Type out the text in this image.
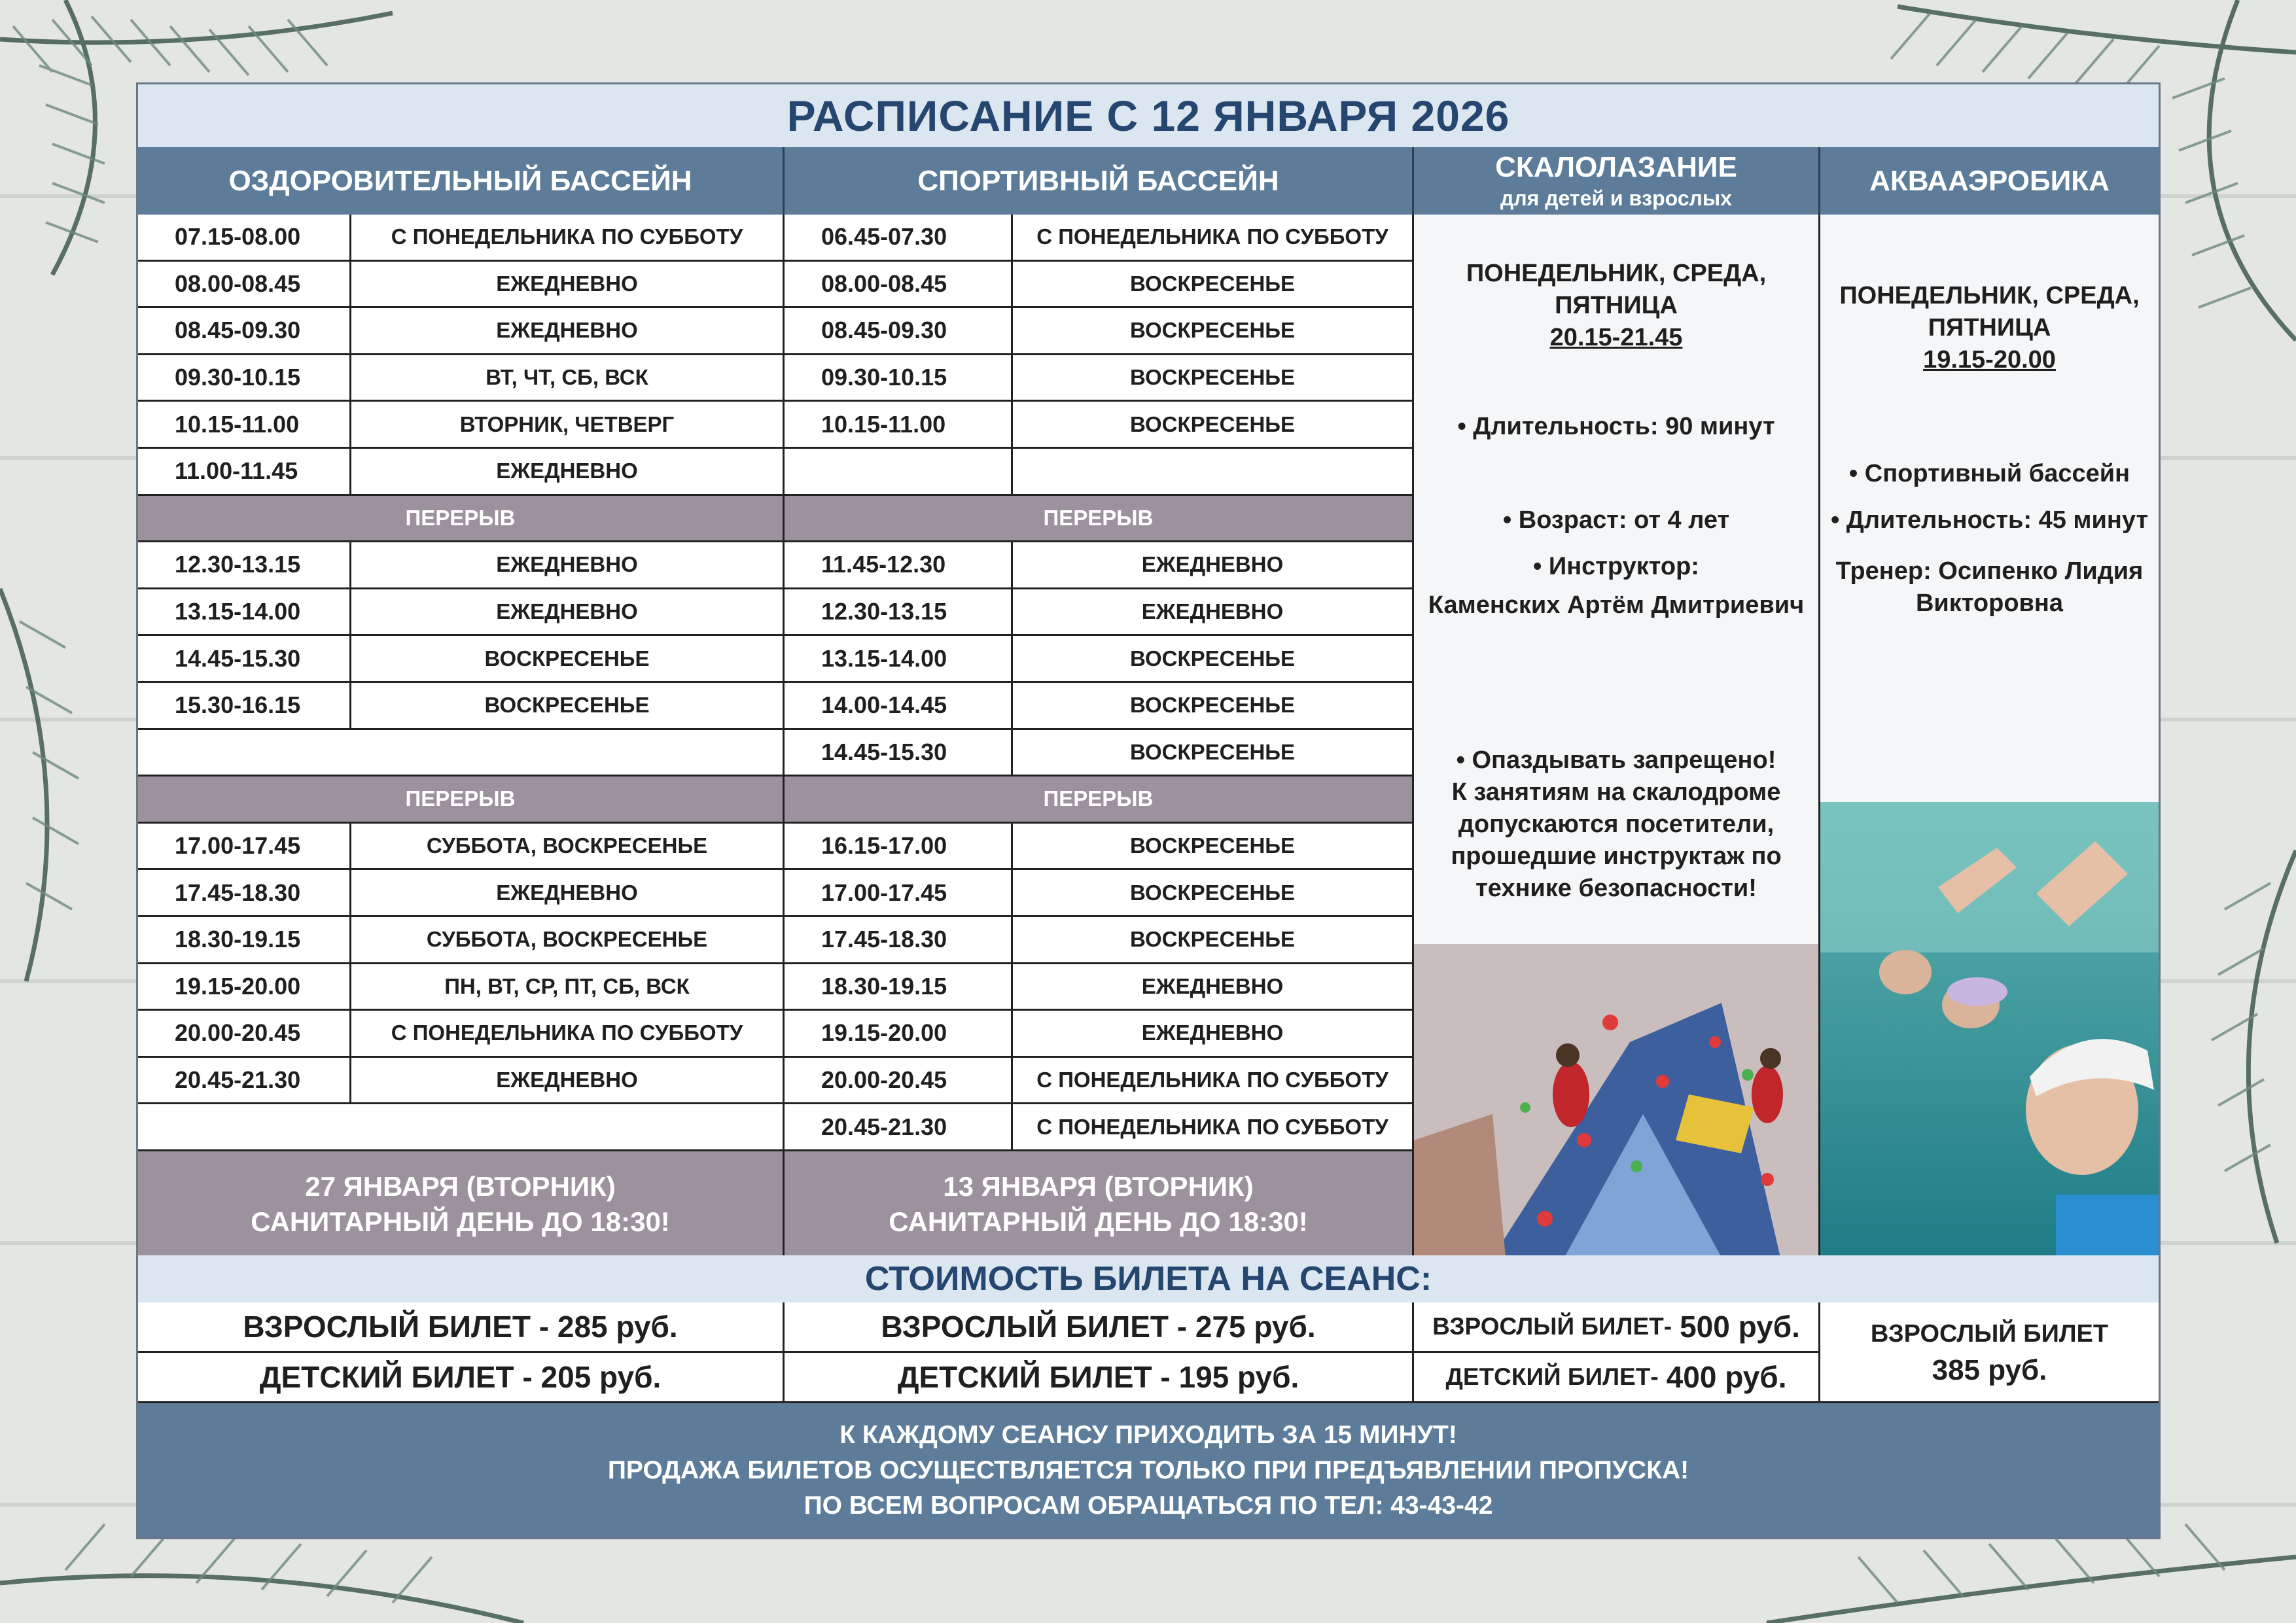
РАСПИСАНИЕ С 12 ЯНВАРЯ 2026
ОЗДОРОВИТЕЛЬНЫЙ БАССЕЙН	СПОРТИВНЫЙ БАССЕЙН	СКАЛОЛАЗАНИЕ
для детей и взрослых
АКВААЭРОБИКА
07.15-08.00	С ПОНЕДЕЛЬНИКА ПО СУББОТУ
08.00-08.45	ЕЖЕДНЕВНО
08.45-09.30	ЕЖЕДНЕВНО
09.30-10.15	ВТ, ЧТ, СБ, ВСК
10.15-11.00	ВТОРНИК, ЧЕТВЕРГ
11.00-11.45	ЕЖЕДНЕВНО
ПЕРЕРЫВ
12.30-13.15	ЕЖЕДНЕВНО
13.15-14.00	ЕЖЕДНЕВНО
14.45-15.30	ВОСКРЕСЕНЬЕ
15.30-16.15	ВОСКРЕСЕНЬЕ
ПЕРЕРЫВ
17.00-17.45	СУББОТА, ВОСКРЕСЕНЬЕ
17.45-18.30	ЕЖЕДНЕВНО
18.30-19.15	СУББОТА, ВОСКРЕСЕНЬЕ
19.15-20.00	ПН, ВТ, СР, ПТ, СБ, ВСК
20.00-20.45	С ПОНЕДЕЛЬНИКА ПО СУББОТУ
20.45-21.30	ЕЖЕДНЕВНО
06.45-07.30	С ПОНЕДЕЛЬНИКА ПО СУББОТУ
08.00-08.45	ВОСКРЕСЕНЬЕ
08.45-09.30	ВОСКРЕСЕНЬЕ
09.30-10.15	ВОСКРЕСЕНЬЕ
10.15-11.00	ВОСКРЕСЕНЬЕ
ПЕРЕРЫВ
11.45-12.30	ЕЖЕДНЕВНО
12.30-13.15	ЕЖЕДНЕВНО
13.15-14.00	ВОСКРЕСЕНЬЕ
14.00-14.45	ВОСКРЕСЕНЬЕ
14.45-15.30	ВОСКРЕСЕНЬЕ
ПЕРЕРЫВ
16.15-17.00	ВОСКРЕСЕНЬЕ
17.00-17.45	ВОСКРЕСЕНЬЕ
17.45-18.30	ВОСКРЕСЕНЬЕ
18.30-19.15	ЕЖЕДНЕВНО
19.15-20.00	ЕЖЕДНЕВНО
20.00-20.45	С ПОНЕДЕЛЬНИКА ПО СУББОТУ
20.45-21.30	С ПОНЕДЕЛЬНИКА ПО СУББОТУ
27 ЯНВАРЯ (ВТОРНИК)
САНИТАРНЫЙ ДЕНЬ ДО 18:30!
13 ЯНВАРЯ (ВТОРНИК)
САНИТАРНЫЙ ДЕНЬ ДО 18:30!
ПОНЕДЕЛЬНИК, СРЕДА,
ПЯТНИЦА
20.15-21.45
• Длительность: 90 минут
• Возраст: от 4 лет
• Инструктор:
Каменских Артём Дмитриевич
• Опаздывать запрещено!
К занятиям на скалодроме
допускаются посетители,
прошедшие инструктаж по
технике безопасности!
ПОНЕДЕЛЬНИК, СРЕДА,
ПЯТНИЦА
19.15-20.00
• Спортивный бассейн
• Длительность: 45 минут
Тренер: Осипенко Лидия
Викторовна
СТОИМОСТЬ БИЛЕТА НА СЕАНС:
ВЗРОСЛЫЙ БИЛЕТ - 285 руб.
ДЕТСКИЙ БИЛЕТ - 205 руб.
ВЗРОСЛЫЙ БИЛЕТ - 275 руб.
ДЕТСКИЙ БИЛЕТ - 195 руб.
ВЗРОСЛЫЙ БИЛЕТ- 500 руб.
ДЕТСКИЙ БИЛЕТ- 400 руб.
ВЗРОСЛЫЙ БИЛЕТ
385 руб.
К КАЖДОМУ СЕАНСУ ПРИХОДИТЬ ЗА 15 МИНУТ!
ПРОДАЖА БИЛЕТОВ ОСУЩЕСТВЛЯЕТСЯ ТОЛЬКО ПРИ ПРЕДЪЯВЛЕНИИ ПРОПУСКА!
ПО ВСЕМ ВОПРОСАМ ОБРАЩАТЬСЯ ПО ТЕЛ: 43-43-42
